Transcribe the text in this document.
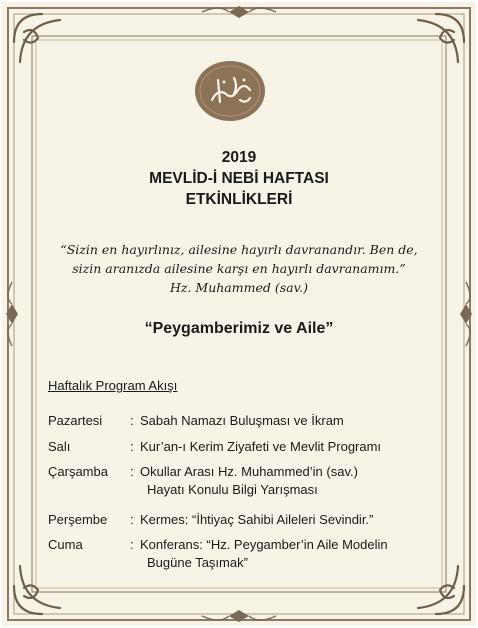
2019
MEVLİD-İ NEBİ HAFTASI
ETKİNLİKLERİ
“Sizin en hayırlınız, ailesine hayırlı davranandır. Ben de,
sizin aranızda ailesine karşı en hayırlı davranamım.”
Hz. Muhammed (sav.)
“Peygamberimiz ve Aile”
Haftalık Program Akışı
Pazartesi : Sabah Namazı Buluşması ve İkram
Salı	: Kur’an-ı Kerim Ziyafeti ve Mevlit Programı
Çarşamba : Okullar Arası Hz. Muhammed’in (sav.)
Hayatı Konulu Bilgi Yarışması
Perşembe : Kermes: “İhtiyaç Sahibi Aileleri Sevindir.”
Cuma	: Konferans: “Hz. Peygamber’in Aile Modelin
Bugüne Taşımak”
